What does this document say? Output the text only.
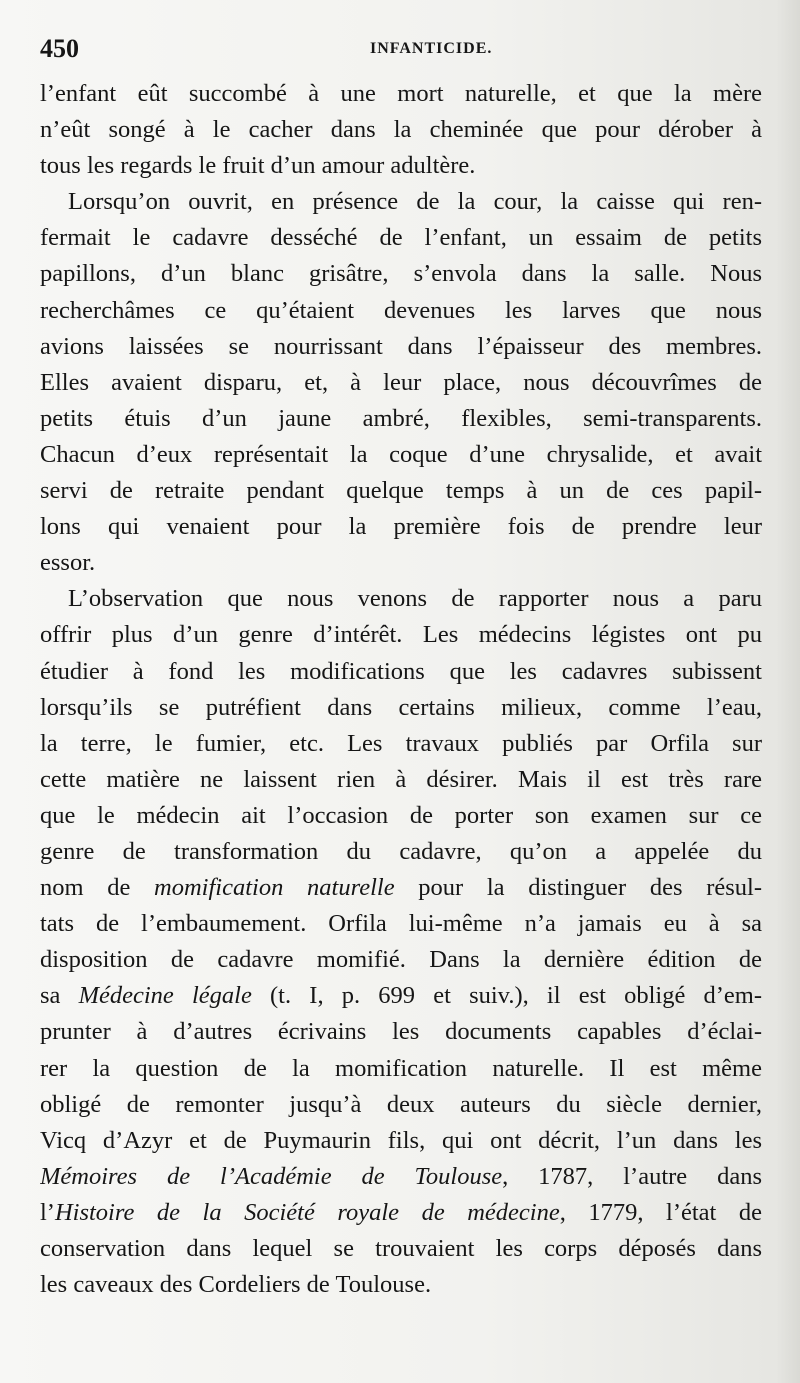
450	INFANTICIDE.
l’enfant eût succombé à une mort naturelle, et que la mère
n’eût songé à le cacher dans la cheminée que pour dérober à
tous les regards le fruit d’un amour adultère.
Lorsqu’on ouvrit, en présence de la cour, la caisse qui ren-
fermait le cadavre desséché de l’enfant, un essaim de petits
papillons, d’un blanc grisâtre, s’envola dans la salle. Nous
recherchâmes ce qu’étaient devenues les larves que nous
avions laissées se nourrissant dans l’épaisseur des membres.
Elles avaient disparu, et, à leur place, nous découvrîmes de
petits étuis d’un jaune ambré, flexibles, semi-transparents.
Chacun d’eux représentait la coque d’une chrysalide, et avait
servi de retraite pendant quelque temps à un de ces papil-
lons qui venaient pour la première fois de prendre leur
essor.
L’observation que nous venons de rapporter nous a paru
offrir plus d’un genre d’intérêt. Les médecins légistes ont pu
étudier à fond les modifications que les cadavres subissent
lorsqu’ils se putréfient dans certains milieux, comme l’eau,
la terre, le fumier, etc. Les travaux publiés par Orfila sur
cette matière ne laissent rien à désirer. Mais il est très rare
que le médecin ait l’occasion de porter son examen sur ce
genre de transformation du cadavre, qu’on a appelée du
nom de momification naturelle pour la distinguer des résul-
tats de l’embaumement. Orfila lui-même n’a jamais eu à sa
disposition de cadavre momifié. Dans la dernière édition de
sa Médecine légale (t. I, p. 699 et suiv.), il est obligé d’em-
prunter à d’autres écrivains les documents capables d’éclai-
rer la question de la momification naturelle. Il est même
obligé de remonter jusqu’à deux auteurs du siècle dernier,
Vicq d’Azyr et de Puymaurin fils, qui ont décrit, l’un dans les
Mémoires de l’Académie de Toulouse, 1787, l’autre dans
l’Histoire de la Société royale de médecine, 1779, l’état de
conservation dans lequel se trouvaient les corps déposés dans
les caveaux des Cordeliers de Toulouse.
